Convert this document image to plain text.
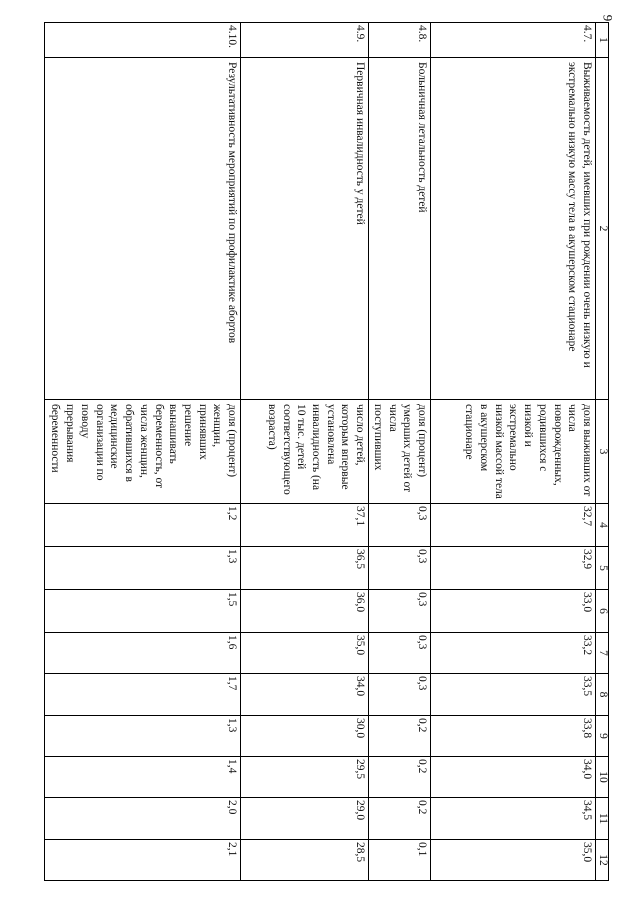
9
1	2	3	4	5	6	7	8	9	10	11	12
4.7.	Выживаемость детей, имевших при рождении очень низкую и экстремально низкую массу тела в акушерском стационаре	доля выживших от числа новорожденных, родившихся с низкой и экстремально низкой массой тела в акушерском стационаре	32,7	32,9	33,0	33,2	33,5	33,8	34,0	34,5	35,0
4.8.	Больничная летальность детей	доля (процент) умерших детей от числа поступивших	0,3	0,3	0,3	0,3	0,3	0,2	0,2	0,2	0,1
4.9.	Первичная инвалидность у детей	число детей, которым впервые установлена инвалидность (на 10 тыс. детей соответствующего возраста)	37,1	36,5	36,0	35,0	34,0	30,0	29,5	29,0	28,5
4.10.	Результативность мероприятий по профилактике абортов	доля (процент) женщин, принявших решение вынашивать беременность, от числа женщин, обратившихся в медицинские организации по поводу прерывания беременности	1,2	1,3	1,5	1,6	1,7	1,3	1,4	2,0	2,1
